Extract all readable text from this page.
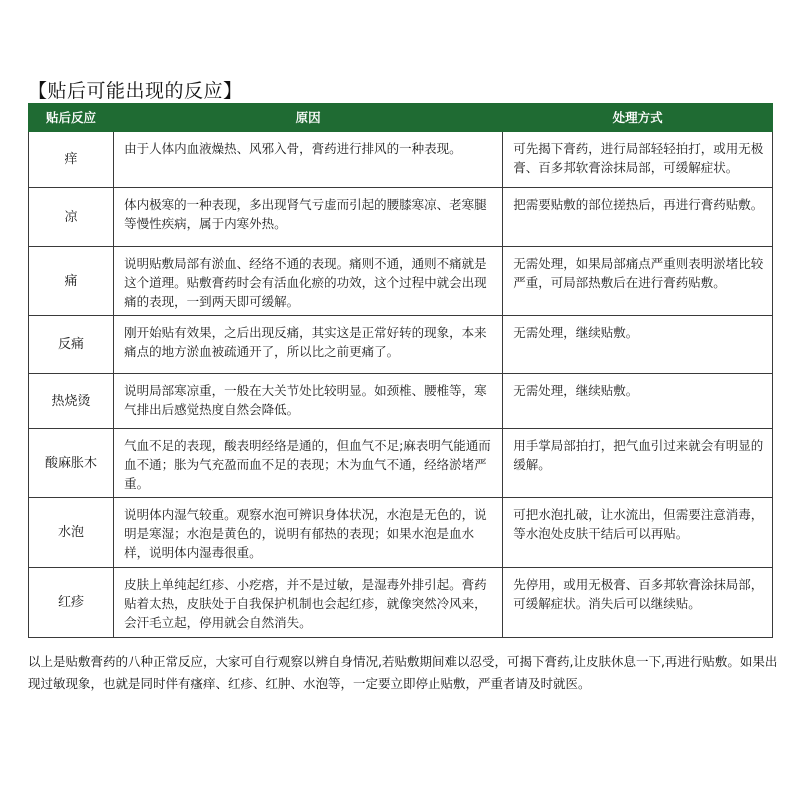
【贴后可能出现的反应】
贴后反应	原因	处理方式
痒	由于人体内血液燥热、风邪入骨，膏药进行排风的一种表现。	可先揭下膏药，进行局部轻轻拍打，或用无极膏、百多邦软膏涂抹局部，可缓解症状。
凉	体内极寒的一种表现，多出现肾气亏虚而引起的腰膝寒凉、老寒腿等慢性疾病，属于内寒外热。	把需要贴敷的部位搓热后，再进行膏药贴敷。
痛	说明贴敷局部有淤血、经络不通的表现。痛则不通，通则不痛就是这个道理。贴敷膏药时会有活血化瘀的功效，这个过程中就会出现痛的表现，一到两天即可缓解。	无需处理，如果局部痛点严重则表明淤堵比较严重，可局部热敷后在进行膏药贴敷。
反痛	刚开始贴有效果，之后出现反痛，其实这是正常好转的现象，本来痛点的地方淤血被疏通开了，所以比之前更痛了。	无需处理，继续贴敷。
热烧烫	说明局部寒凉重，一般在大关节处比较明显。如颈椎、腰椎等，寒气排出后感觉热度自然会降低。	无需处理，继续贴敷。
酸麻胀木	气血不足的表现，酸表明经络是通的，但血气不足;麻表明气能通而血不通；胀为气充盈而血不足的表现；木为血气不通，经络淤堵严重。	用手掌局部拍打，把气血引过来就会有明显的缓解。
水泡	说明体内湿气较重。观察水泡可辨识身体状况，水泡是无色的，说明是寒湿；水泡是黄色的，说明有郁热的表现；如果水泡是血水样，说明体内湿毒很重。	可把水泡扎破，让水流出，但需要注意消毒，等水泡处皮肤干结后可以再贴。
红疹	皮肤上单纯起红疹、小疙瘩，并不是过敏，是湿毒外排引起。膏药贴着太热，皮肤处于自我保护机制也会起红疹，就像突然冷风来，会汗毛立起，停用就会自然消失。	先停用，或用无极膏、百多邦软膏涂抹局部，可缓解症状。消失后可以继续贴。
以上是贴敷膏药的八种正常反应，大家可自行观察以辨自身情况,若贴敷期间难以忍受，可揭下膏药,让皮肤休息一下,再进行贴敷。如果出现过敏现象，也就是同时伴有瘙痒、红疹、红肿、水泡等，一定要立即停止贴敷，严重者请及时就医。
